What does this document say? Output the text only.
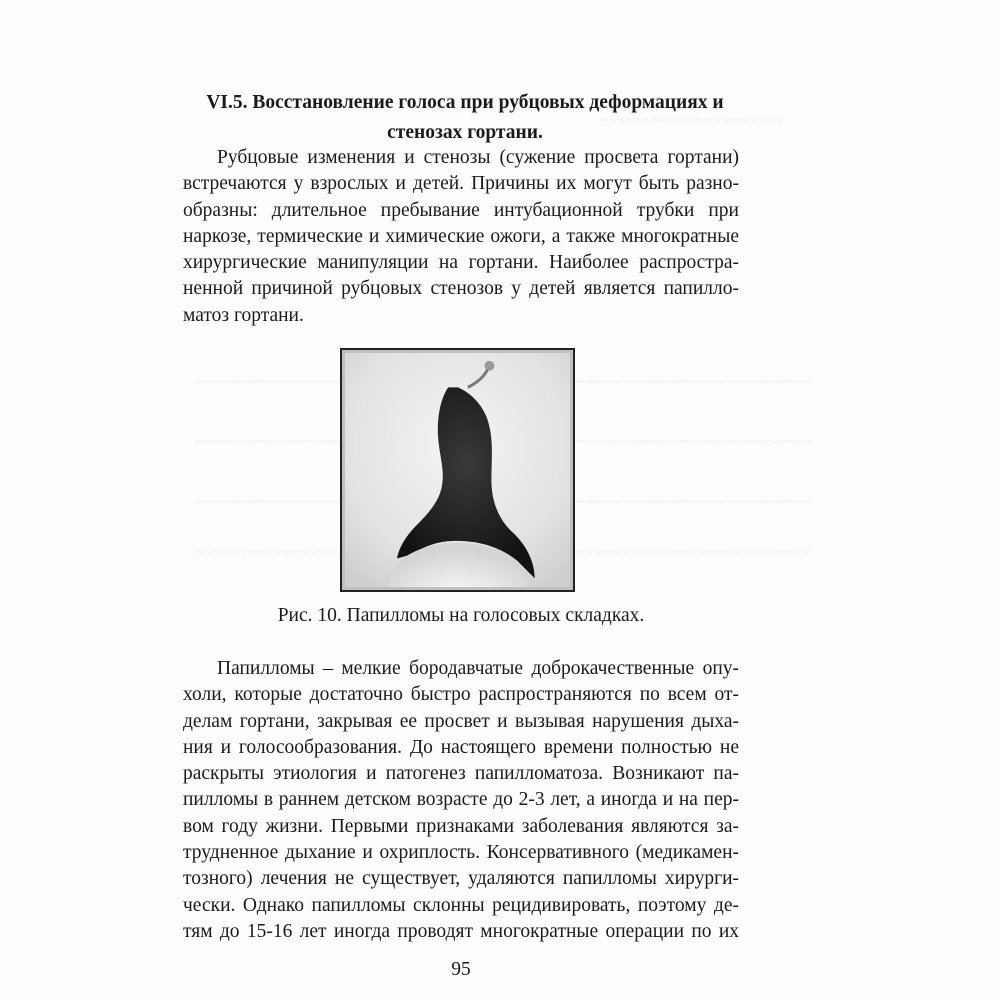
~~~~~~~~~~~~~~~~~~~~~
VI.5. Восстановление голоса при рубцовых деформациях и
стенозах гортани.

Рубцовые изменения и стенозы (сужение просвета гортани)
встречаются у взрослых и детей. Причины их могут быть разно-
образны: длительное пребывание интубационной трубки при
наркозе, термические и химические ожоги, а также многократные
хирургические манипуляции на гортани. Наиболее распростра-
ненной причиной рубцовых стенозов у детей является папилло-
матоз гортани.

Рис. 10. Папилломы на голосовых складках.

Папилломы – мелкие бородавчатые доброкачественные опу-
холи, которые достаточно быстро распространяются по всем от-
делам гортани, закрывая ее просвет и вызывая нарушения дыха-
ния и голосообразования. До настоящего времени полностью не
раскрыты этиология и патогенез папилломатоза. Возникают па-
пилломы в раннем детском возрасте до 2-3 лет, а иногда и на пер-
вом году жизни. Первыми признаками заболевания являются за-
трудненное дыхание и охриплость. Консервативного (медикамен-
тозного) лечения не существует, удаляются папилломы хирурги-
чески. Однако папилломы склонны рецидивировать, поэтому де-
тям до 15-16 лет иногда проводят многократные операции по их

95
